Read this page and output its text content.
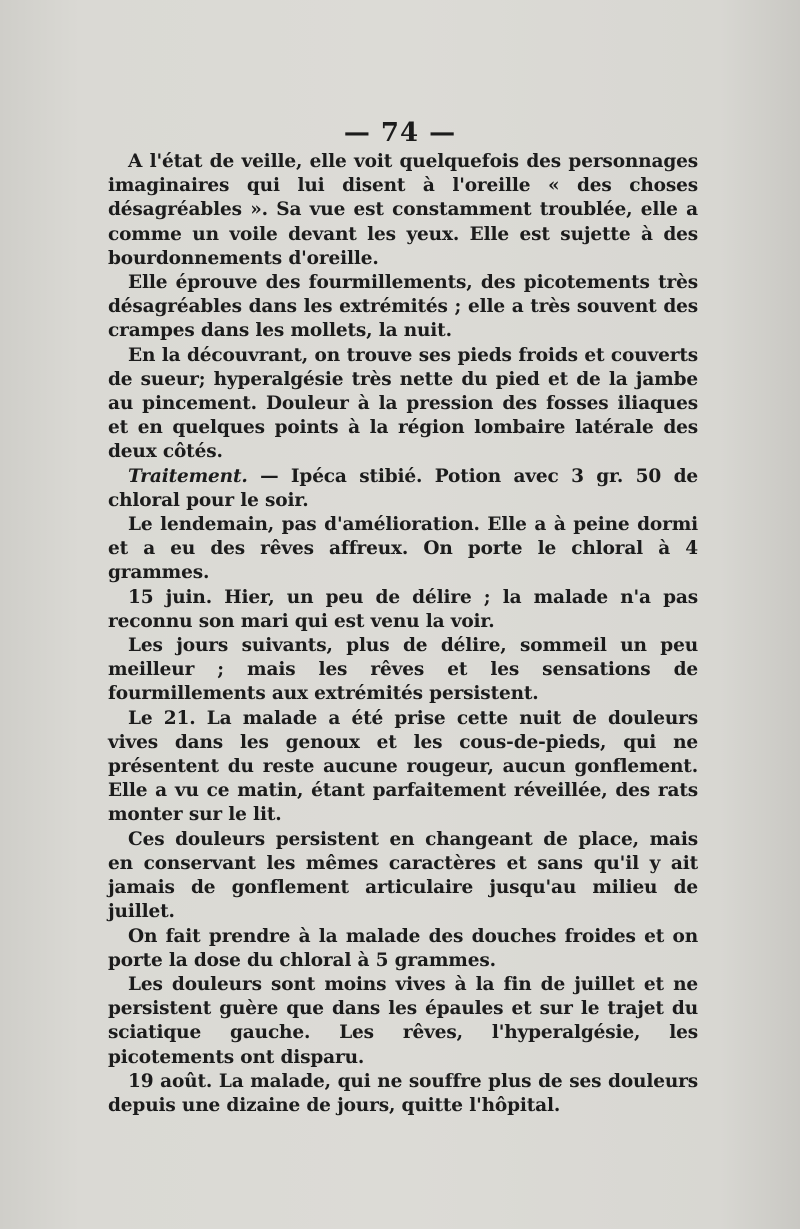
— 74 —

A l'état de veille, elle voit quelquefois des personnages imaginaires qui lui disent à l'oreille « des choses désagréables ». Sa vue est constamment troublée, elle a comme un voile devant les yeux. Elle est sujette à des bourdonnements d'oreille.

Elle éprouve des fourmillements, des picotements très désagréables dans les extrémités ; elle a très souvent des crampes dans les mollets, la nuit.

En la découvrant, on trouve ses pieds froids et couverts de sueur; hyperalgésie très nette du pied et de la jambe au pincement. Douleur à la pression des fosses iliaques et en quelques points à la région lombaire latérale des deux côtés.

Traitement. — Ipéca stibié. Potion avec 3 gr. 50 de chloral pour le soir.

Le lendemain, pas d'amélioration. Elle a à peine dormi et a eu des rêves affreux. On porte le chloral à 4 grammes.

15 juin. Hier, un peu de délire ; la malade n'a pas reconnu son mari qui est venu la voir.

Les jours suivants, plus de délire, sommeil un peu meilleur ; mais les rêves et les sensations de fourmillements aux extrémités persistent.

Le 21. La malade a été prise cette nuit de douleurs vives dans les genoux et les cous-de-pieds, qui ne présentent du reste aucune rougeur, aucun gonflement. Elle a vu ce matin, étant parfaitement réveillée, des rats monter sur le lit.

Ces douleurs persistent en changeant de place, mais en conservant les mêmes caractères et sans qu'il y ait jamais de gonflement articulaire jusqu'au milieu de juillet.

On fait prendre à la malade des douches froides et on porte la dose du chloral à 5 grammes.

Les douleurs sont moins vives à la fin de juillet et ne persistent guère que dans les épaules et sur le trajet du sciatique gauche. Les rêves, l'hyperalgésie, les picotements ont disparu.

19 août. La malade, qui ne souffre plus de ses douleurs depuis une dizaine de jours, quitte l'hôpital.
